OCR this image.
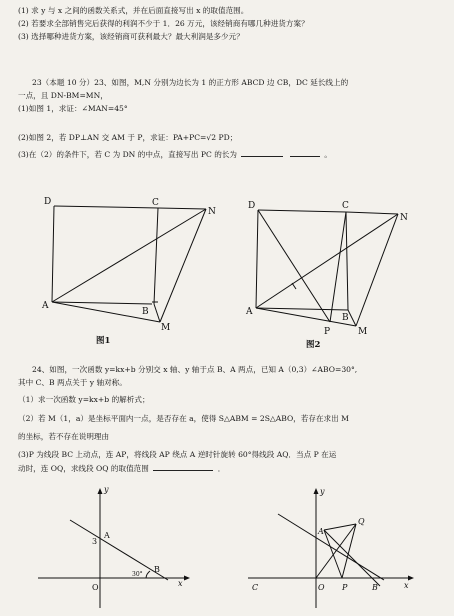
(1) 求 y 与 x 之间的函数关系式，并在后面直接写出 x 的取值范围。
(2) 若要求全部销售完后获得的利润不少于 1．26 万元，该经销商有哪几种进货方案？
(3) 选择哪种进货方案，该经销商可获利最大？最大利润是多少元？
23（本题 10 分）23、如图，M,N 分别为边长为 1 的正方形 ABCD 边 CB，DC 延长线上的
一点，且 DN-BM=MN，
(1)如图 1，求证：∠MAN=45°
(2)如图 2，若 DP⊥AN 交 AM 于 P，求证：PA+PC=√2 PD；
(3)在（2）的条件下，若 C 为 DN 的中点，直接写出 PC 的长为	。
D	C
N
A
B
M
图1
D	C
N
A
B
P	M
图2
24、如图，一次函数 y=kx+b 分别交 x 轴、y 轴于点 B、A 两点，已知 A（0,3）∠ABO=30°,
其中 C、B 两点关于 y 轴对称。
（1）求一次函数 y=kx+b 的解析式；
（2）若 M（1，a）是坐标平面内一点，是否存在 a，使得 S△ABM = 2S△ABO，若存在求出 M
的坐标，若不存在说明理由
(3)P 为线段 BC 上动点，连 AP，将线段 AP 绕点 A 逆时针旋转 60°得线段 AQ．当点 P 在运
动时，连 OQ，求线段 OQ 的取值范围	．
y
x
A
3
B
O
30°
y
x
A
Q
C	O P	B
